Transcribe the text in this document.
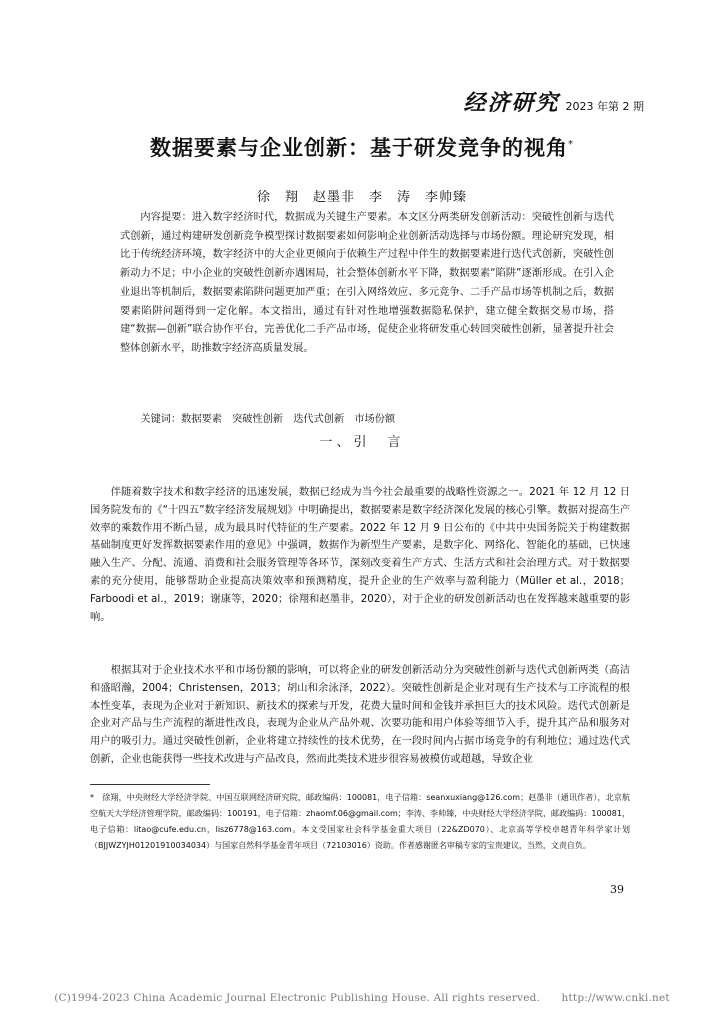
经济研究 2023 年第 2 期
数据要素与企业创新：基于研发竞争的视角*
徐　翔　赵墨非　李　涛　李帅臻
内容提要：进入数字经济时代，数据成为关键生产要素。本文区分两类研发创新活动：突破性创新与迭代式创新，通过构建研发创新竞争模型探讨数据要素如何影响企业创新活动选择与市场份额。理论研究发现，相比于传统经济环境，数字经济中的大企业更倾向于依赖生产过程中伴生的数据要素进行迭代式创新，突破性创新动力不足；中小企业的突破性创新亦遇困局，社会整体创新水平下降，数据要素“陷阱”逐渐形成。在引入企业退出等机制后，数据要素陷阱问题更加严重；在引入网络效应、多元竞争、二手产品市场等机制之后，数据要素陷阱问题得到一定化解。本文指出，通过有针对性地增强数据隐私保护，建立健全数据交易市场，搭建“数据—创新”联合协作平台，完善优化二手产品市场，促使企业将研发重心转回突破性创新，显著提升社会整体创新水平，助推数字经济高质量发展。
关键词：数据要素　突破性创新　迭代式创新　市场份额
一、引　言

伴随着数字技术和数字经济的迅速发展，数据已经成为当今社会最重要的战略性资源之一。2021 年 12 月 12 日国务院发布的《“十四五”数字经济发展规划》中明确提出，数据要素是数字经济深化发展的核心引擎。数据对提高生产效率的乘数作用不断凸显，成为最具时代特征的生产要素。2022 年 12 月 9 日公布的《中共中央国务院关于构建数据基础制度更好发挥数据要素作用的意见》中强调，数据作为新型生产要素，是数字化、网络化、智能化的基础，已快速融入生产、分配、流通、消费和社会服务管理等各环节，深刻改变着生产方式、生活方式和社会治理方式。对于数据要素的充分使用，能够帮助企业提高决策效率和预测精度，提升企业的生产效率与盈利能力（Müller et al.，2018；Farboodi et al.，2019；谢康等，2020；徐翔和赵墨非，2020），对于企业的研发创新活动也在发挥越来越重要的影响。

根据其对于企业技术水平和市场份额的影响，可以将企业的研发创新活动分为突破性创新与迭代式创新两类（高洁和盛昭瀚，2004；Christensen，2013；胡山和余泳泽，2022）。突破性创新是企业对现有生产技术与工序流程的根本性变革，表现为企业对于新知识、新技术的探索与开发，花费大量时间和金钱并承担巨大的技术风险。迭代式创新是企业对产品与生产流程的渐进性改良，表现为企业从产品外观、次要功能和用户体验等细节入手，提升其产品和服务对用户的吸引力。通过突破性创新，企业将建立持续性的技术优势，在一段时间内占据市场竞争的有利地位；通过迭代式创新，企业也能获得一些技术改进与产品改良，然而此类技术进步很容易被模仿或超越，导致企业

*　徐翔，中央财经大学经济学院、中国互联网经济研究院，邮政编码：100081，电子信箱：seanxuxiang@126.com；赵墨非（通讯作者），北京航空航天大学经济管理学院，邮政编码：100191，电子信箱：zhaomf.06@gmail.com；李涛、李帅臻，中央财经大学经济学院，邮政编码：100081，电子信箱：litao@cufe.edu.cn，lisz6778@163.com。本文受国家社会科学基金重大项目（22&ZD070）、北京高等学校卓越青年科学家计划（BJJWZYJH01201910034034）与国家自然科学基金青年项目（72103016）资助。作者感谢匿名审稿专家的宝贵建议，当然，文责自负。
39
(C)1994-2023 China Academic Journal Electronic Publishing House. All rights reserved.　　http://www.cnki.net
